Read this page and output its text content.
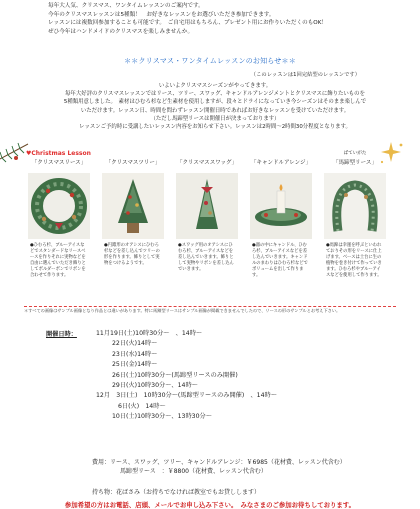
毎年大人気、クリスマス、ワンタイムレッスンのご案内です。
今年のクリスマスレッスンは5種類！　お好きなレッスンをお選びいただき参加できます。
レッスンには複数回参加することも可能です。　ご自宅用はもちろん、プレゼント用にお作りいただくのもOK！
ぜひ今年はハンドメイドのクリスマスを楽しみませんか。
＊＊クリスマス・ワンタイムレッスンのお知らせ＊＊
（このレッスンは1回完結型のレッスンです）
いよいよクリスマスシーズンがやってきます。
毎年大好評のクリスマスレッスンではリース、ツリー、スワッグ、キャンドルアレンジメントとクリスマスに飾りたいものを
5種類用意しました。　素材はひむろ杉など生素材を使用しますが、段々とドライになっていき今シーズンはそのまま楽しんで
いただけます。レッスン日、時間を問わずレッスン開催日時であればお好きなレッスンを受けていただけます。
（ただし馬蹄型リースは開催日が決まっております）
レッスンご予約時に受講したいレッスン内容をお知らせ下さい。レッスンは2時間〜2時間30分程度となります。
♥Christmas Lesson
「クリスマスリース」
●ひむろ杉、ブルーアイスなどでスタンダードなリースベースを作りそれに実物などを自由に選んでいただき飾りとしてボルダーボンでリボンを合わせて作ります。
「クリスマスツリー」
●円錐形のオアシスにひむろ杉などを差し込んでツリーの形を作ります。飾りとして実物をつけるようです。
「クリスマススワッグ」
●スワッグ用のオアシスにひむろ杉、ブルーアイスなどを差し込んでいきます。飾りとして実物やリボンを差し込んでいきます。
「キャンドルアレンジ」
●器の中にキャンドル、ひむろ杉、ブルーアイスなどを差し込んでいきます。キャンドルのまわりはひむろ杉などでボリュームを出して作ります。
ばていがた
「馬蹄型リース」
●馬蹄は幸運を呼ぶといわれておりその形をリースに仕上げます。ベースは土台に生の植物を巻き付けて作っていきます。ひむろ杉やブルーアイスなどを使用して作ります。
＊すべての画像はサンプル画像となり作品とは違いがあります。特に馬蹄型リースはサンプル画像が掲載できませんでしたので、リースの形のサンプルとお考え下さい。
開催日時：	11月19日(土)10時30分～　、14時～
22日(火)14時～
23日(水)14時～
25日(金)14時～
26日(土)10時30分～(馬蹄型リースのみ開催)
29日(火)10時30分～、14時～
12月　3日(土)　10時30分～(馬蹄型リースのみ開催)　、14時～
6日(火)　14時～
10日(土)10時30分～、13時30分～
費用：リース、スワッグ、ツリー、キャンドルアレンジ：￥6985（花材費、レッスン代含む）
馬蹄型リース　：￥8800（花材費、レッスン代含む）
持ち物：花ばさみ（お持ちでなければ教室でもお貸しします）
参加希望の方はお電話、店頭、メールでお申し込み下さい。　みなさまのご参加お待ちしております。
